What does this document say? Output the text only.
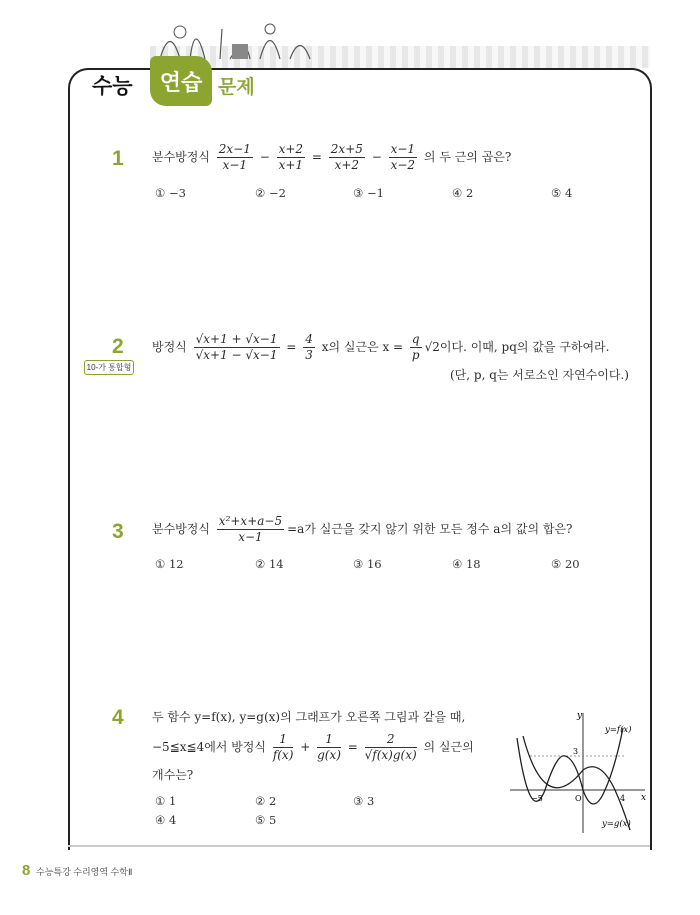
수능	연습 문제
1 분수방정식 $\frac{2x-1}{x-1} - \frac{x+2}{x+1} = \frac{2x+5}{x+2} - \frac{x-1}{x-2}$ 의 두 근의 곱은?
① −3	② −2	③ −1	④ 2	⑤ 4
2
10-가 통합형
방정식 $\frac{√x+1 + √x-1}{√x+1 - √x-1} = \frac{4}{3}$ x의 실근은 $x = \frac{q}{p} √2$이다. 이때, pq의 값을 구하여라.
(단, p, q는 서로소인 자연수이다.)
3 분수방정식 $\frac{\text{x²+x+a−5}}{x-1} =a$가 실근을 갖지 않기 위한 모든 정수 a의 값의 합은?
① 12	② 14	③ 16	④ 18	⑤ 20
4 두 함수 y=f(x), y=g(x)의 그래프가 오른쪽 그림과 같을 때,
−5≦x≦4에서 방정식 $\frac{1}{f(x)} + \frac{1}{g(x)} = \frac{2}{√f(x)g(x)}$ 의 실근의
개수는?
① 1	② 2	③ 3
④ 4	⑤ 5
y
x
y=f(x)
y=g(x)
3
−5	O	4
8 수능특강 수리영역 수학Ⅱ
